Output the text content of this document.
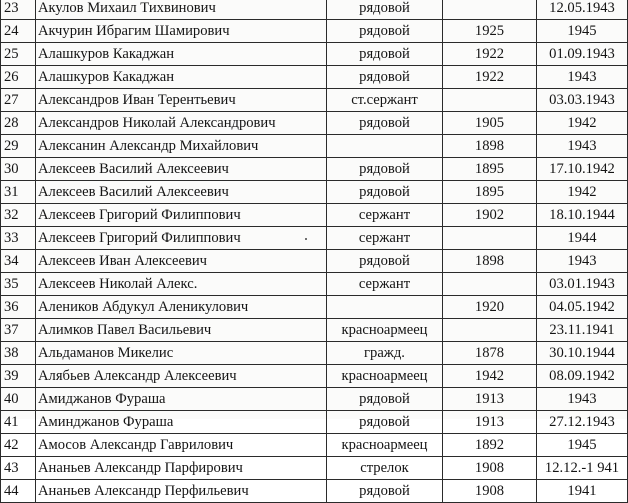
23	Акулов Михаил Тихвинович	рядовой		12.05.1943
24	Акчурин Ибрагим Шамирович	рядовой	1925	1945
25	Алашкуров Какаджан	рядовой	1922	01.09.1943
26	Алашкуров Какаджан	рядовой	1922	1943
27	Александров Иван Терентьевич	ст.сержант		03.03.1943
28	Александров Николай Александрович	рядовой	1905	1942
29	Алексанин Александр Михайлович		1898	1943
30	Алексеев Василий Алексеевич	рядовой	1895	17.10.1942
31	Алексеев Василий Алексеевич	рядовой	1895	1942
32	Алексеев Григорий Филиппович	сержант	1902	18.10.1944
33	Алексеев Григорий Филиппович	сержант		1944
34	Алексеев Иван Алексеевич	рядовой	1898	1943
35	Алексеев Николай Алекс.	сержант		03.01.1943
36	Алеников Абдукул Аленикулович		1920	04.05.1942
37	Алимков Павел Васильевич	красноармеец		23.11.1941
38	Альдаманов Микелис	гражд.	1878	30.10.1944
39	Алябьев Александр Алексеевич	красноармеец	1942	08.09.1942
40	Амиджанов Фураша	рядовой	1913	1943
41	Аминджанов Фураша	рядовой	1913	27.12.1943
42	Амосов Александр Гаврилович	красноармеец	1892	1945
43	Ананьев Александр Парфирович	стрелок	1908	12.12.-1 941
44	Ананьев Александр Перфильевич	рядовой	1908	1941
